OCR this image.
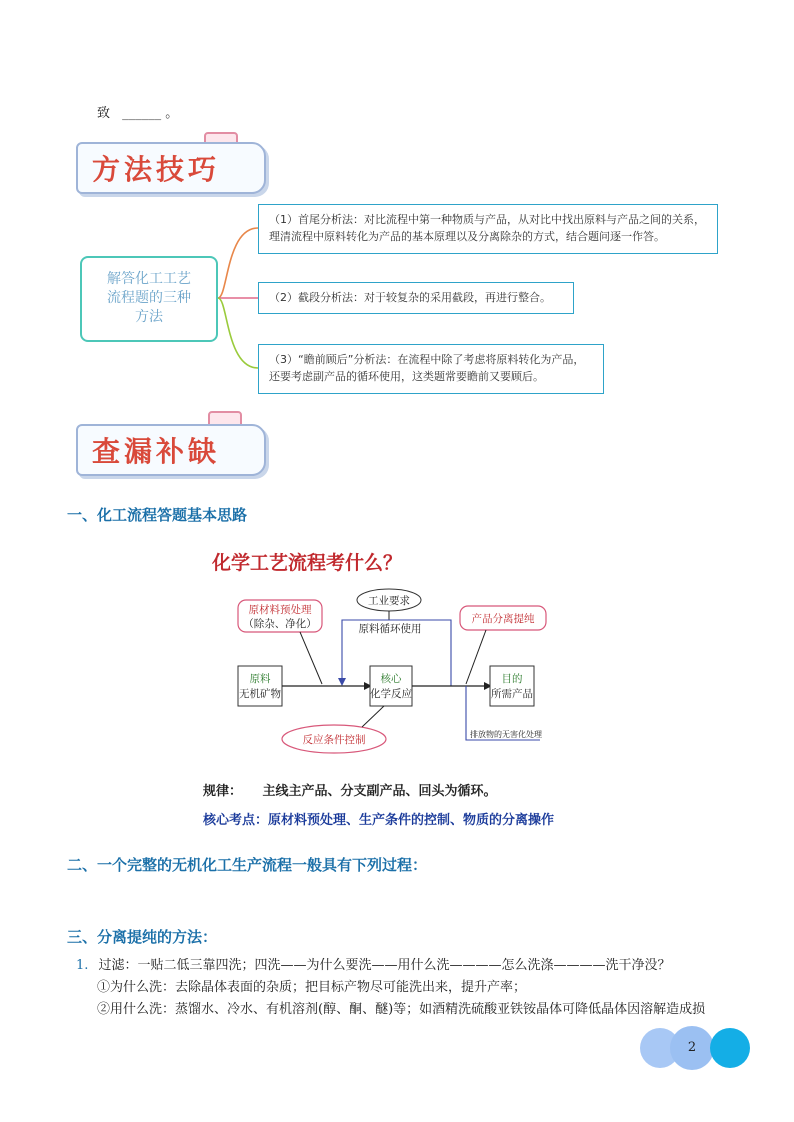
致 ______ 。
方法技巧
解答化工工艺
流程题的三种
方法
（1）首尾分析法：对比流程中第一种物质与产品，从对比中找出原料与产品之间的关系，理清流程中原料转化为产品的基本原理以及分离除杂的方式，结合题问逐一作答。
（2）截段分析法：对于较复杂的采用截段，再进行整合。
（3）“瞻前顾后”分析法：在流程中除了考虑将原料转化为产品，还要考虑副产品的循环使用，这类题常要瞻前又要顾后。
查漏补缺
一、化工流程答题基本思路
化学工艺流程考什么？
原材料预处理
（除杂、净化）
工业要求
原料循环使用
产品分离提纯
原料
无机矿物
核心
化学反应
目的
所需产品
排放物的无害化处理
反应条件控制
规律： 主线主产品、分支副产品、回头为循环。
核心考点：原材料预处理、生产条件的控制、物质的分离操作
二、一个完整的无机化工生产流程一般具有下列过程：
三、分离提纯的方法：
1. 过滤：一贴二低三靠四洗；四洗——为什么要洗——用什么洗————怎么洗涤————洗干净没？
①为什么洗：去除晶体表面的杂质；把目标产物尽可能洗出来，提升产率；
②用什么洗：蒸馏水、冷水、有机溶剂(醇、酮、醚)等；如酒精洗硫酸亚铁铵晶体可降低晶体因溶解造成损
2
